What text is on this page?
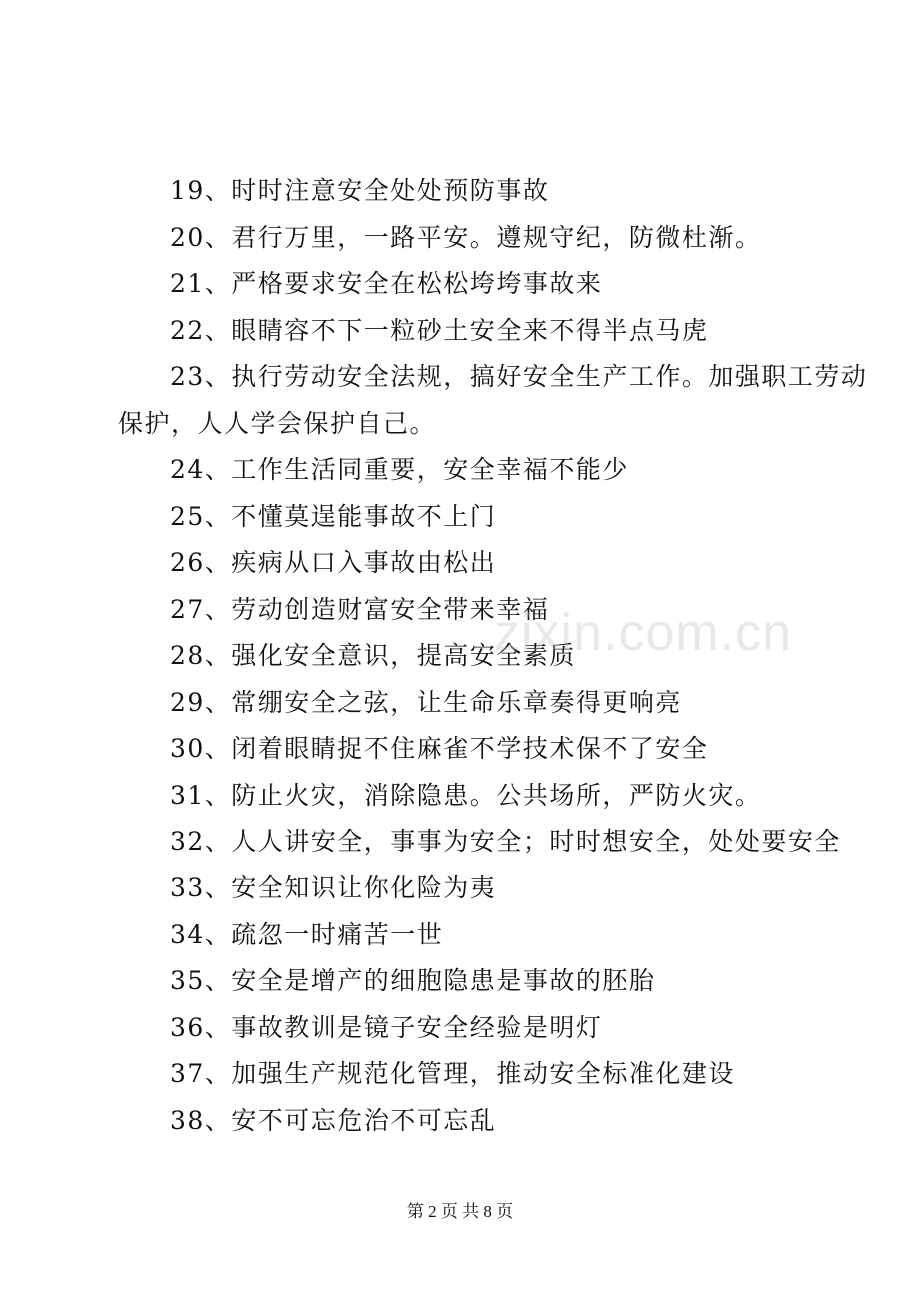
19、时时注意安全处处预防事故
20、君行万里，一路平安。遵规守纪，防微杜渐。
21、严格要求安全在松松垮垮事故来
22、眼睛容不下一粒砂土安全来不得半点马虎
23、执行劳动安全法规，搞好安全生产工作。加强职工劳动
保护，人人学会保护自己。
24、工作生活同重要，安全幸福不能少
25、不懂莫逞能事故不上门
26、疾病从口入事故由松出
27、劳动创造财富安全带来幸福
28、强化安全意识，提高安全素质
29、常绷安全之弦，让生命乐章奏得更响亮
30、闭着眼睛捉不住麻雀不学技术保不了安全
31、防止火灾，消除隐患。公共场所，严防火灾。
32、人人讲安全，事事为安全；时时想安全，处处要安全
33、安全知识让你化险为夷
34、疏忽一时痛苦一世
35、安全是增产的细胞隐患是事故的胚胎
36、事故教训是镜子安全经验是明灯
37、加强生产规范化管理，推动安全标准化建设
38、安不可忘危治不可忘乱
zixin.com.cn
第 2 页 共 8 页
